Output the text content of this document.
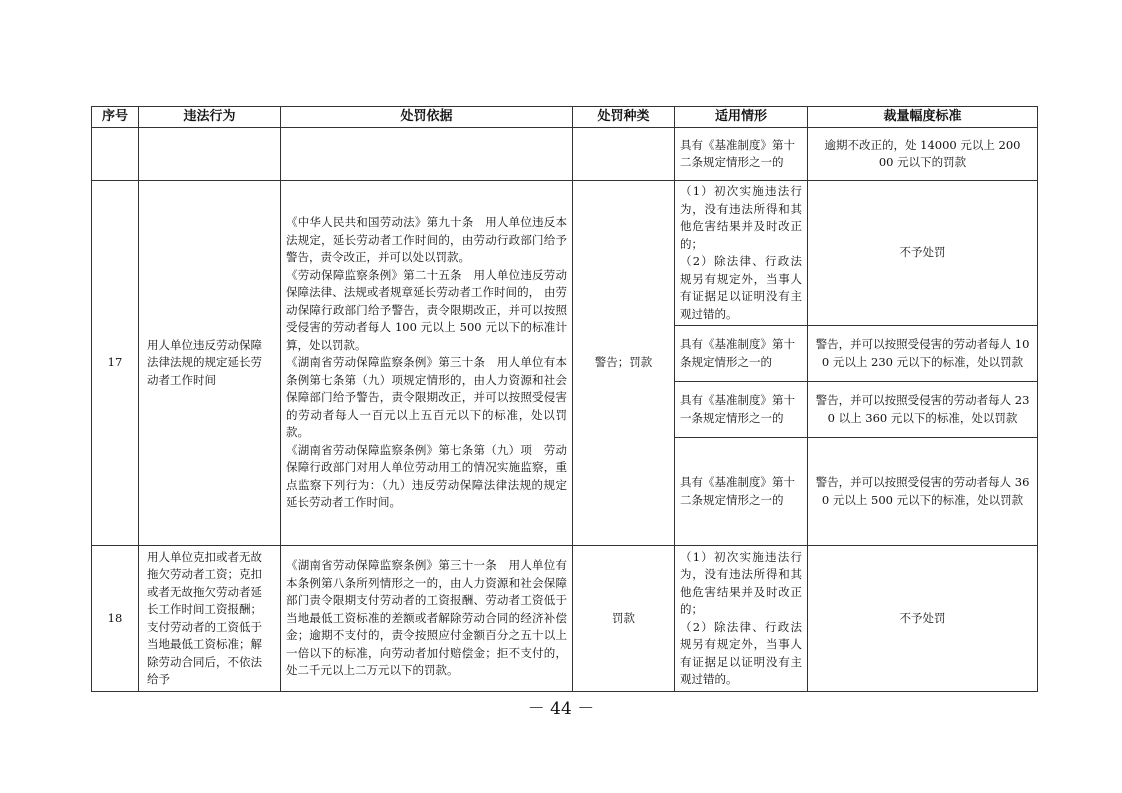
序号	违法行为	处罚依据	处罚种类	适用情形	裁量幅度标准
				具有《基准制度》第十二条规定情形之一的	逾期不改正的，处 14000 元以上 20000 元以下的罚款
17	用人单位违反劳动保障法律法规的规定延长劳动者工作时间	《中华人民共和国劳动法》第九十条　用人单位违反本法规定，延长劳动者工作时间的，由劳动行政部门给予警告，责令改正，并可以处以罚款。
《劳动保障监察条例》第二十五条　用人单位违反劳动保障法律、法规或者规章延长劳动者工作时间的， 由劳动保障行政部门给予警告，责令限期改正，并可以按照受侵害的劳动者每人 100 元以上 500 元以下的标准计算，处以罚款。
《湖南省劳动保障监察条例》第三十条　用人单位有本条例第七条第（九）项规定情形的，由人力资源和社会保障部门给予警告，责令限期改正，并可以按照受侵害的劳动者每人一百元以上五百元以下的标准，处以罚款。
《湖南省劳动保障监察条例》第七条第（九）项　劳动保障行政部门对用人单位劳动用工的情况实施监察，重点监察下列行为：（九）违反劳动保障法律法规的规定延长劳动者工作时间。	警告；罚款	（1）初次实施违法行为，没有违法所得和其他危害结果并及时改正的；
（2）除法律、行政法规另有规定外，当事人有证据足以证明没有主观过错的。	不予处罚
				具有《基准制度》第十条规定情形之一的	警告，并可以按照受侵害的劳动者每人 100 元以上 230 元以下的标准，处以罚款
				具有《基准制度》第十一条规定情形之一的	警告，并可以按照受侵害的劳动者每人 230 以上 360 元以下的标准，处以罚款
				具有《基准制度》第十二条规定情形之一的	警告，并可以按照受侵害的劳动者每人 360 元以上 500 元以下的标准，处以罚款
18	用人单位克扣或者无故拖欠劳动者工资；克扣或者无故拖欠劳动者延长工作时间工资报酬；支付劳动者的工资低于当地最低工资标准；解除劳动合同后，不依法给予	《湖南省劳动保障监察条例》第三十一条　用人单位有本条例第八条所列情形之一的，由人力资源和社会保障部门责令限期支付劳动者的工资报酬、劳动者工资低于当地最低工资标准的差额或者解除劳动合同的经济补偿金；逾期不支付的，责令按照应付金额百分之五十以上一倍以下的标准，向劳动者加付赔偿金；拒不支付的，处二千元以上二万元以下的罚款。	罚款	（1）初次实施违法行为，没有违法所得和其他危害结果并及时改正的；
（2）除法律、行政法规另有规定外，当事人有证据足以证明没有主观过错的。	不予处罚
－ 44 －
